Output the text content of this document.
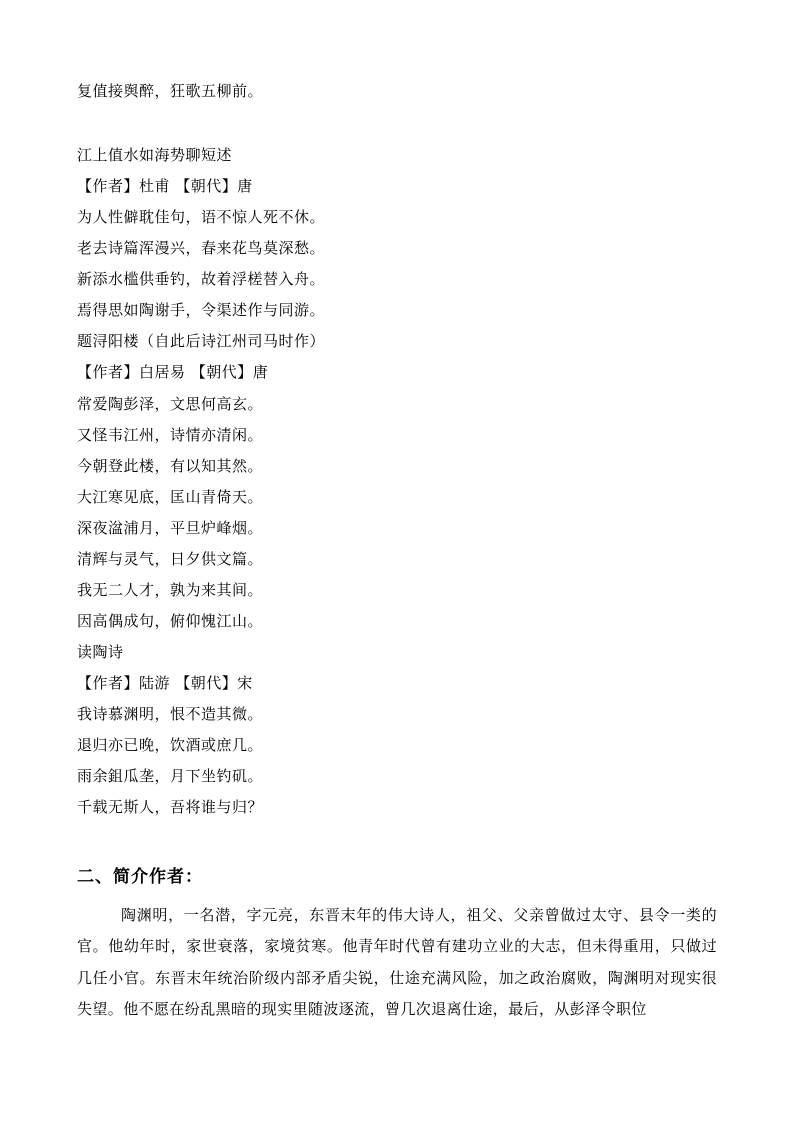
复值接舆醉，狂歌五柳前。
江上值水如海势聊短述
【作者】杜甫 【朝代】唐
为人性僻耽佳句，语不惊人死不休。
老去诗篇浑漫兴，春来花鸟莫深愁。
新添水槛供垂钓，故着浮槎替入舟。
焉得思如陶谢手，令渠述作与同游。
题浔阳楼（自此后诗江州司马时作）
【作者】白居易 【朝代】唐
常爱陶彭泽，文思何高玄。
又怪韦江州，诗情亦清闲。
今朝登此楼，有以知其然。
大江寒见底，匡山青倚天。
深夜湓浦月，平旦炉峰烟。
清辉与灵气，日夕供文篇。
我无二人才，孰为来其间。
因高偶成句，俯仰愧江山。
读陶诗
【作者】陆游 【朝代】宋
我诗慕渊明，恨不造其微。
退归亦已晚，饮酒或庶几。
雨余鉏瓜垄，月下坐钓矶。
千载无斯人，吾将谁与归？
二、简介作者：
陶渊明，一名潜，字元亮，东晋末年的伟大诗人，祖父、父亲曾做过太守、县令一类的官。他幼年时，家世衰落，家境贫寒。他青年时代曾有建功立业的大志，但未得重用，只做过几任小官。东晋末年统治阶级内部矛盾尖锐，仕途充满风险，加之政治腐败，陶渊明对现实很失望。他不愿在纷乱黑暗的现实里随波逐流，曾几次退离仕途，最后，从彭泽令职位
